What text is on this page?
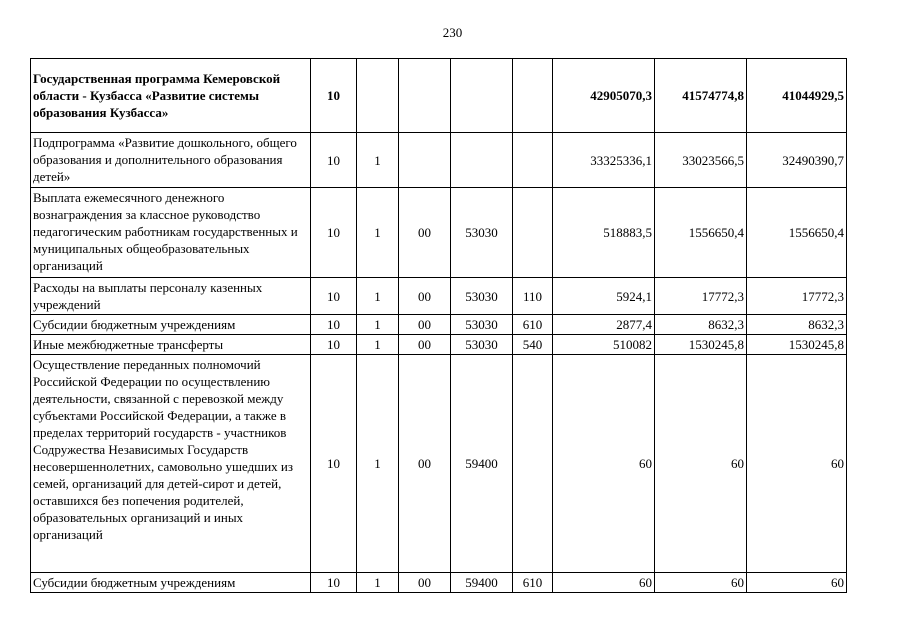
230
Государственная программа Кемеровской области - Кузбасса «Развитие системы образования Кузбасса»	10					42905070,3	41574774,8	41044929,5
Подпрограмма «Развитие дошкольного, общего образования и дополнительного образования детей»	10	1				33325336,1	33023566,5	32490390,7
Выплата ежемесячного денежного вознаграждения за классное руководство педагогическим работникам государственных и муниципальных общеобразовательных организаций	10	1	00	53030		518883,5	1556650,4	1556650,4
Расходы на выплаты персоналу казенных учреждений	10	1	00	53030	110	5924,1	17772,3	17772,3
Субсидии бюджетным учреждениям	10	1	00	53030	610	2877,4	8632,3	8632,3
Иные межбюджетные трансферты	10	1	00	53030	540	510082	1530245,8	1530245,8
Осуществление переданных полномочий Российской Федерации по осуществлению деятельности, связанной с перевозкой между субъектами Российской Федерации, а также в пределах территорий государств - участников Содружества Независимых Государств несовершеннолетних, самовольно ушедших из семей, организаций для детей-сирот и детей, оставшихся без попечения родителей, образовательных организаций и иных организаций	10	1	00	59400		60	60	60
Субсидии бюджетным учреждениям	10	1	00	59400	610	60	60	60
